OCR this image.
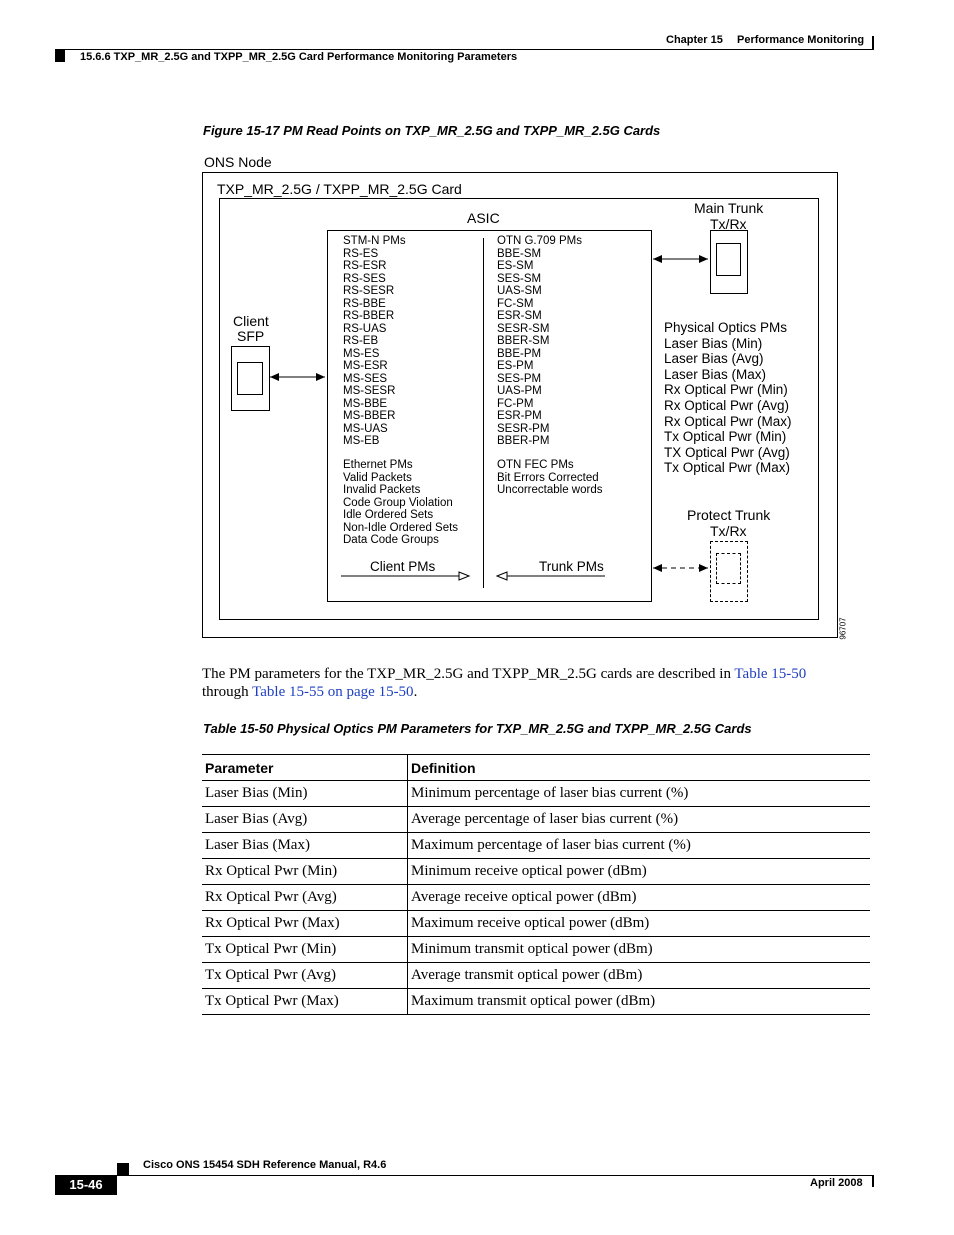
Chapter 15 Performance Monitoring
15.6.6 TXP_MR_2.5G and TXPP_MR_2.5G Card Performance Monitoring Parameters
Figure 15-17 PM Read Points on TXP_MR_2.5G and TXPP_MR_2.5G Cards
ONS Node
TXP_MR_2.5G / TXPP_MR_2.5G Card
ASIC
STM-N PMs
RS-ES
RS-ESR
RS-SES
RS-SESR
RS-BBE
RS-BBER
RS-UAS
RS-EB
MS-ES
MS-ESR
MS-SES
MS-SESR
MS-BBE
MS-BBER
MS-UAS
MS-EB
Ethernet PMs
Valid Packets
Invalid Packets
Code Group Violation
Idle Ordered Sets
Non-Idle Ordered Sets
Data Code Groups
OTN G.709 PMs
BBE-SM
ES-SM
SES-SM
UAS-SM
FC-SM
ESR-SM
SESR-SM
BBER-SM
BBE-PM
ES-PM
SES-PM
UAS-PM
FC-PM
ESR-PM
SESR-PM
BBER-PM
OTN FEC PMs
Bit Errors Corrected
Uncorrectable words
Client PMs	Trunk PMs
Client
SFP
Main Trunk
Tx/Rx
Physical Optics PMs
Laser Bias (Min)
Laser Bias (Avg)
Laser Bias (Max)
Rx Optical Pwr (Min)
Rx Optical Pwr (Avg)
Rx Optical Pwr (Max)
Tx Optical Pwr (Min)
TX Optical Pwr (Avg)
Tx Optical Pwr (Max)
Protect Trunk
Tx/Rx
96707
The PM parameters for the TXP_MR_2.5G and TXPP_MR_2.5G cards are described in Table 15-50
through Table 15-55 on page 15-50.
Table 15-50 Physical Optics PM Parameters for TXP_MR_2.5G and TXPP_MR_2.5G Cards
Parameter	Definition
Laser Bias (Min)	Minimum percentage of laser bias current (%)
Laser Bias (Avg)	Average percentage of laser bias current (%)
Laser Bias (Max)	Maximum percentage of laser bias current (%)
Rx Optical Pwr (Min)	Minimum receive optical power (dBm)
Rx Optical Pwr (Avg)	Average receive optical power (dBm)
Rx Optical Pwr (Max)	Maximum receive optical power (dBm)
Tx Optical Pwr (Min)	Minimum transmit optical power (dBm)
Tx Optical Pwr (Avg)	Average transmit optical power (dBm)
Tx Optical Pwr (Max)	Maximum transmit optical power (dBm)
Cisco ONS 15454 SDH Reference Manual, R4.6
15-46	April 2008
